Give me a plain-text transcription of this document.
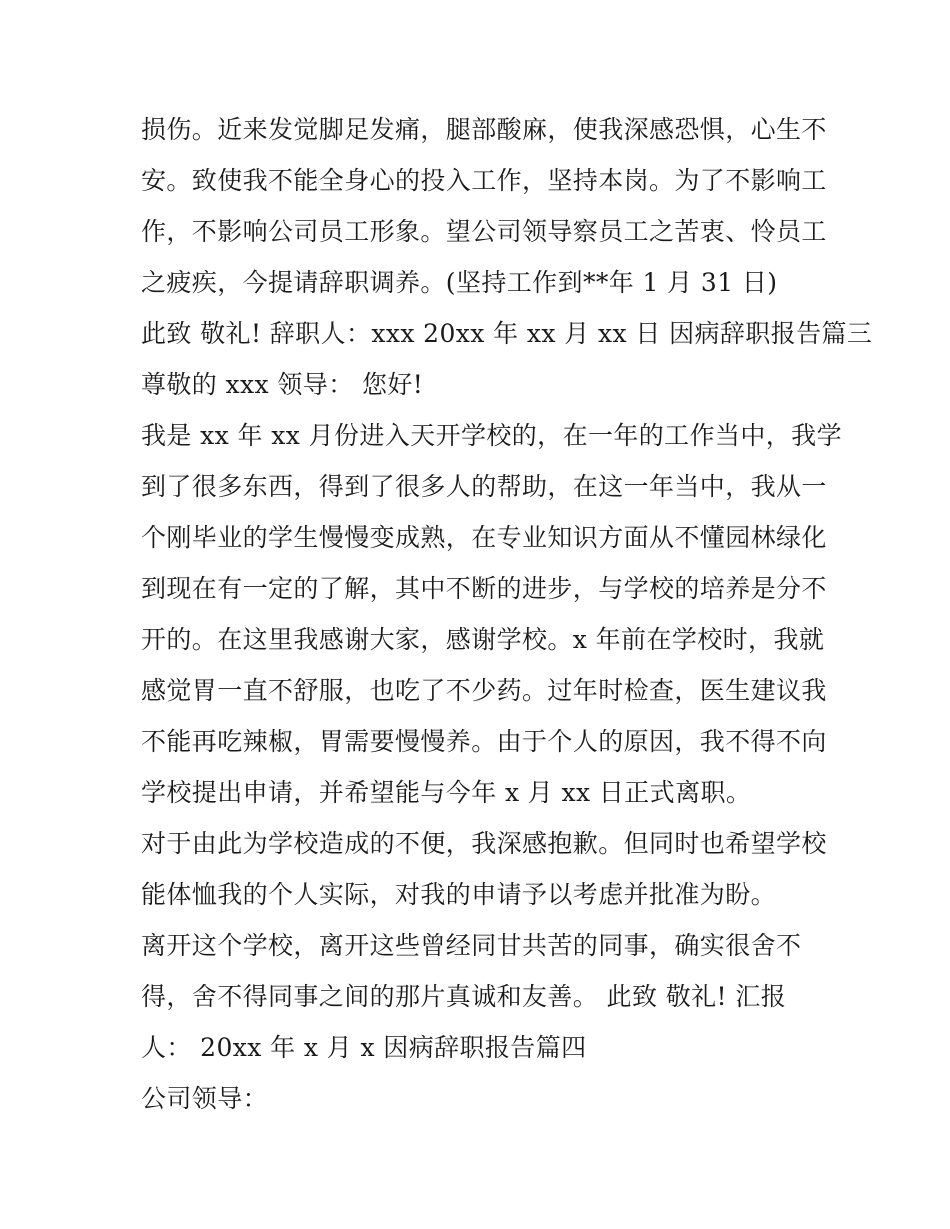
损伤。近来发觉脚足发痛，腿部酸麻，使我深感恐惧，心生不
安。致使我不能全身心的投入工作，坚持本岗。为了不影响工
作，不影响公司员工形象。望公司领导察员工之苦衷、怜员工
之疲疾，今提请辞职调养。(坚持工作到**年 1 月 31 日)
此致 敬礼! 辞职人：xxx 20xx 年 xx 月 xx 日 因病辞职报告篇三
尊敬的 xxx 领导： 您好!
我是 xx 年 xx 月份进入天开学校的，在一年的工作当中，我学
到了很多东西，得到了很多人的帮助，在这一年当中，我从一
个刚毕业的学生慢慢变成熟，在专业知识方面从不懂园林绿化
到现在有一定的了解，其中不断的进步，与学校的培养是分不
开的。在这里我感谢大家，感谢学校。x 年前在学校时，我就
感觉胃一直不舒服，也吃了不少药。过年时检查，医生建议我
不能再吃辣椒，胃需要慢慢养。由于个人的原因，我不得不向
学校提出申请，并希望能与今年 x 月 xx 日正式离职。
对于由此为学校造成的不便，我深感抱歉。但同时也希望学校
能体恤我的个人实际，对我的申请予以考虑并批准为盼。
离开这个学校，离开这些曾经同甘共苦的同事，确实很舍不
得，舍不得同事之间的那片真诚和友善。 此致 敬礼! 汇报
人： 20xx 年 x 月 x 因病辞职报告篇四
公司领导：
